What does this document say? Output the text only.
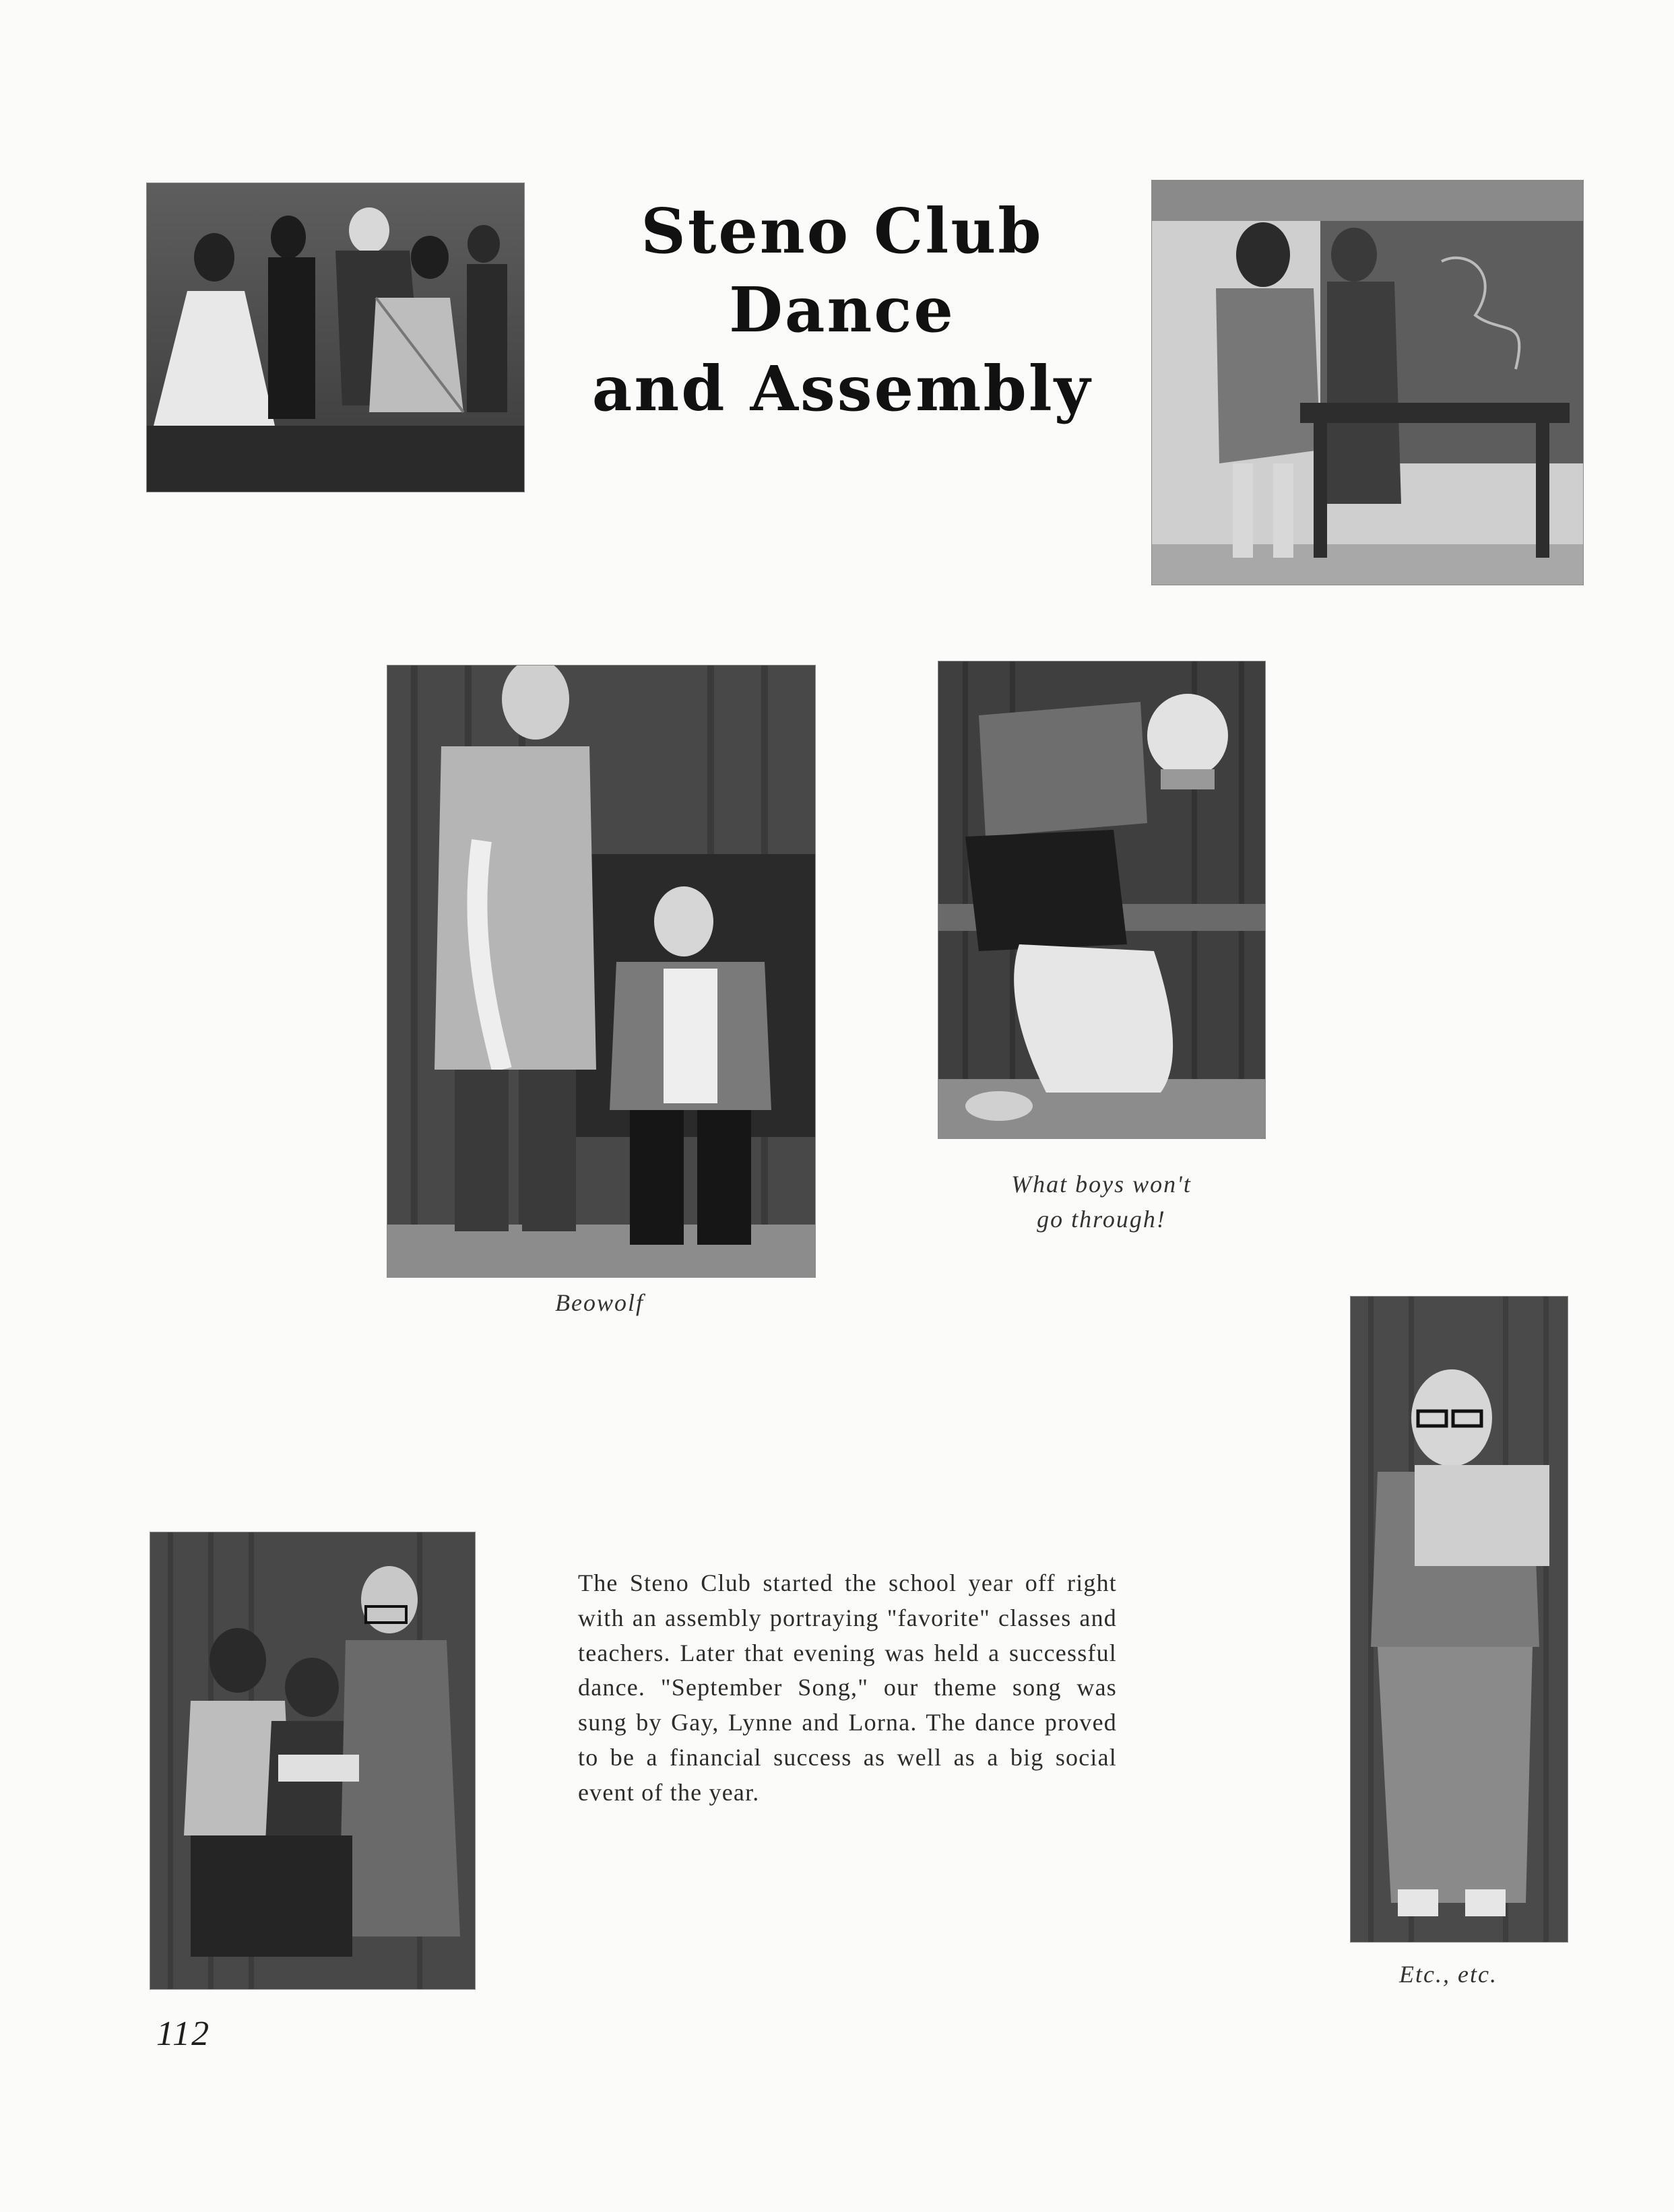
Steno Club Dance
and Assembly
Beowolf
What boys won't
go through!
Etc., etc.
The Steno Club started the school year off right with an assembly portraying "favorite" classes and teachers. Later that evening was held a successful dance. "September Song," our theme song was sung by Gay, Lynne and Lorna. The dance proved to be a financial success as well as a big social event of the year.
112
